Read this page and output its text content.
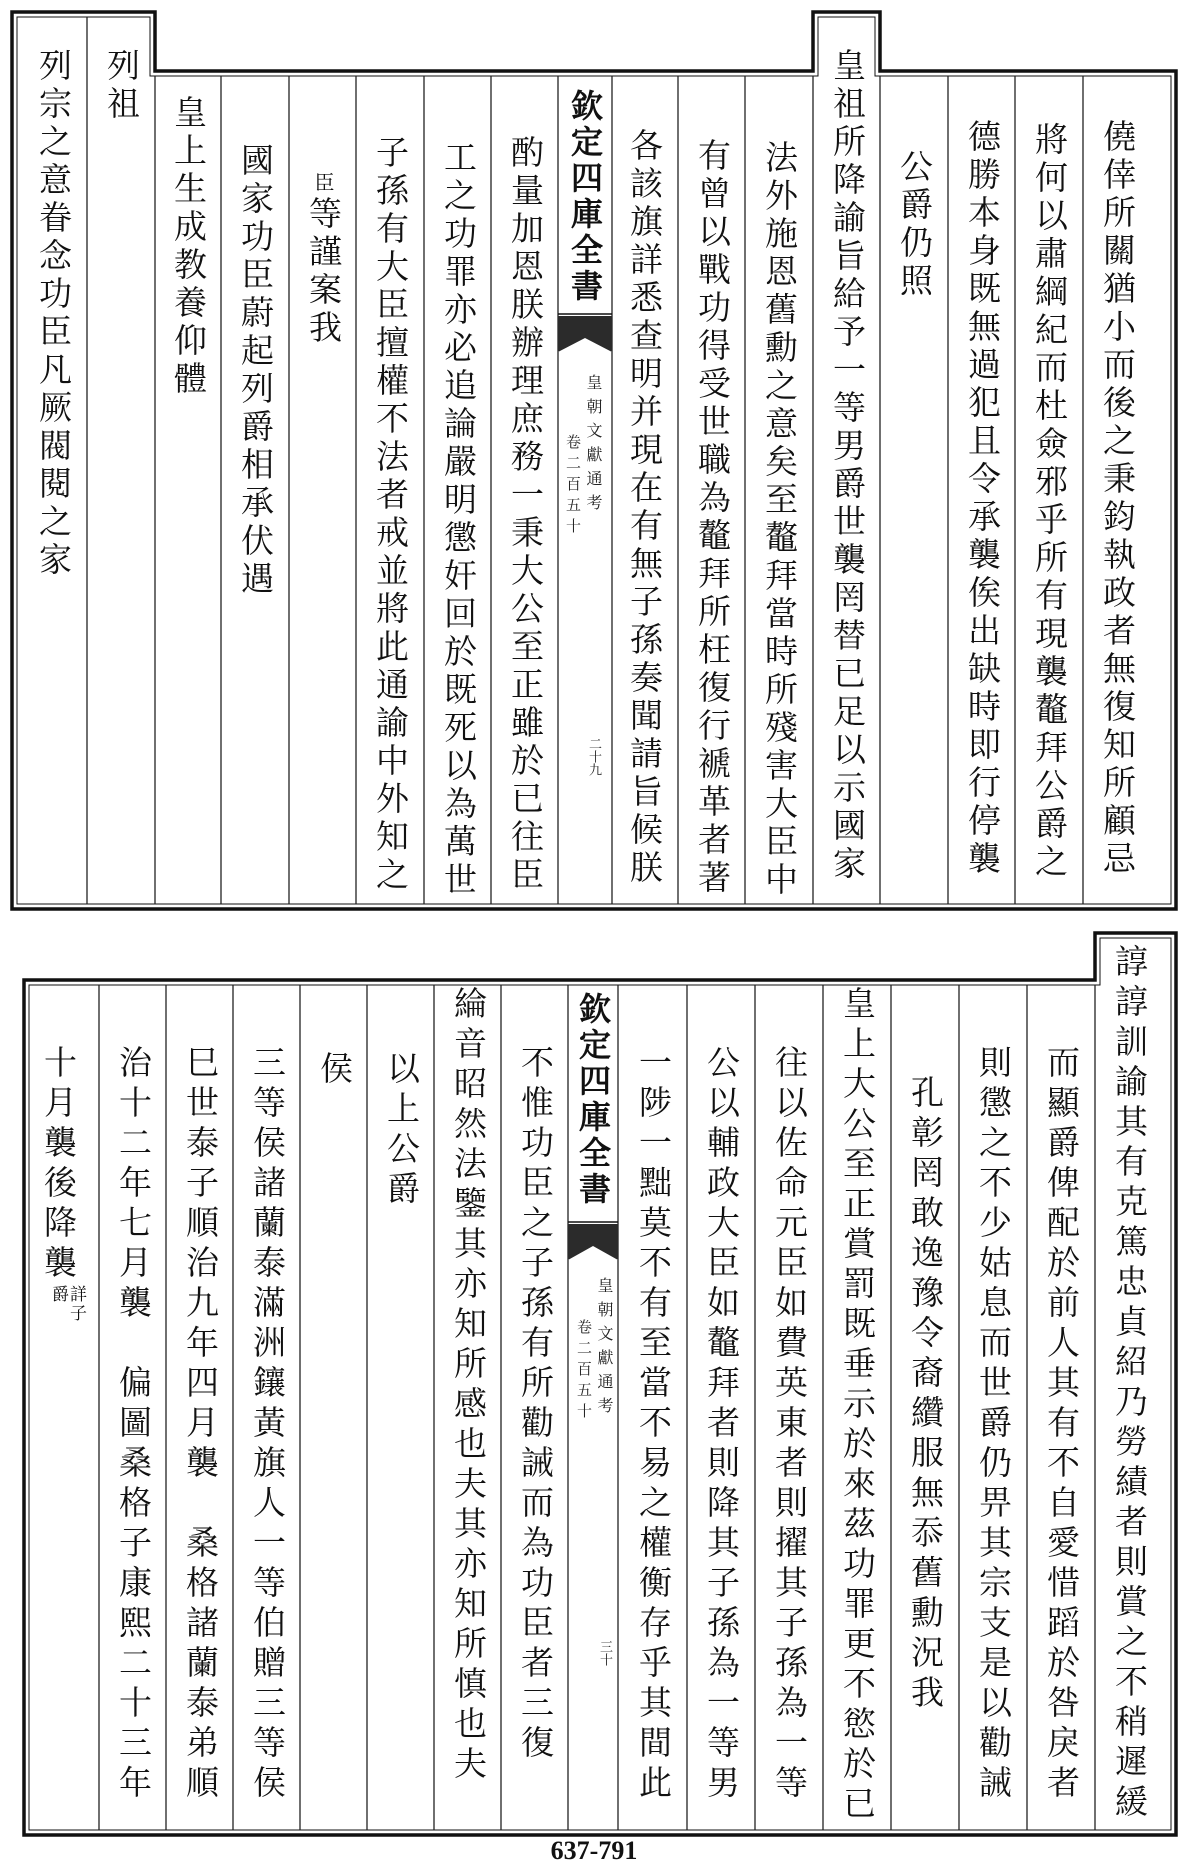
欽定四庫全書
皇朝文獻通考
卷二百五十
二十九	僥倖所關猶小而後之秉鈞執政者無復知所顧忌
將何以肅綱紀而杜僉邪乎所有現襲鼇拜公爵之
德勝本身既無過犯且令承襲俟出缺時即行停襲
公爵仍照
皇祖所降諭旨給予一等男爵世襲罔替已足以示國家
法外施恩舊勳之意矣至鼇拜當時所殘害大臣中
有曾以戰功得受世職為鼇拜所枉復行褫革者著
各該旗詳悉查明并現在有無子孫奏聞請旨候朕
酌量加恩朕辦理庶務一秉大公至正雖於已往臣
工之功罪亦必追論嚴明懲奸回於既死以為萬世
子孫有大臣擅權不法者戒並將此通諭中外知之
臣等謹案我
國家功臣蔚起列爵相承伏遇
皇上生成教養仰體
列祖
列宗之意眷念功臣凡厥閥閱之家
欽定四庫全書
皇朝文獻通考
卷二百五十
三十	諄諄訓諭其有克篤忠貞紹乃勞績者則賞之不稍遲緩
而顯爵俾配於前人其有不自愛惜蹈於咎戾者
則懲之不少姑息而世爵仍畀其宗支是以勸誡
孔彰罔敢逸豫令裔纘服無忝舊勳況我
皇上大公至正賞罰既垂示於來茲功罪更不慾於已
往以佐命元臣如費英東者則擢其子孫為一等
公以輔政大臣如鼇拜者則降其子孫為一等男
一陟一黜莫不有至當不易之權衡存乎其間此
不惟功臣之子孫有所勸誡而為功臣者三復
綸音昭然法鑒其亦知所感也夫其亦知所慎也夫
以上公爵
侯
三等侯諸蘭泰滿洲鑲黃旗人一等伯贈三等侯
巳世泰子順治九年四月襲　桑格諸蘭泰弟順
治十二年七月襲　偏圖桑格子康熙二十三年
十月襲後降襲詳子
爵
637-791
